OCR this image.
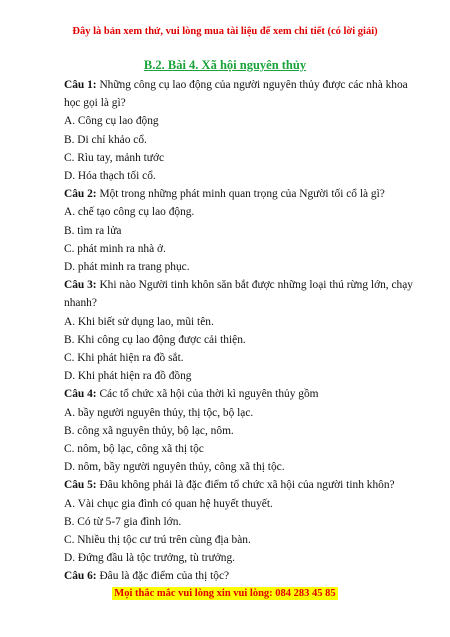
Đây là bản xem thử, vui lòng mua tài liệu để xem chi tiết (có lời giải)
B.2. Bài 4. Xã hội nguyên thủy

Câu 1: Những công cụ lao động của người nguyên thủy được các nhà khoa học gọi là gì?

A. Công cụ lao động

B. Di chỉ khảo cổ.

C. Rìu tay, mảnh tước

D. Hóa thạch tối cổ.

Câu 2: Một trong những phát minh quan trọng của Người tối cổ là gì?

A. chế tạo công cụ lao động.

B. tìm ra lửa

C. phát minh ra nhà ở.

D. phát minh ra trang phục.

Câu 3: Khi nào Người tinh khôn săn bắt được những loại thú rừng lớn, chạy nhanh?

A. Khi biết sử dụng lao, mũi tên.

B. Khi công cụ lao động được cải thiện.

C. Khi phát hiện ra đồ sắt.

D. Khi phát hiện ra đồ đồng

Câu 4: Các tổ chức xã hội của thời kì nguyên thủy gồm

A. bầy người nguyên thủy, thị tộc, bộ lạc.

B. công xã nguyên thủy, bộ lạc, nôm.

C. nôm, bộ lạc, công xã thị tộc

D. nôm, bầy người nguyên thủy, công xã thị tộc.

Câu 5: Đâu không phải là đặc điểm tổ chức xã hội của người tinh khôn?

A. Vài chục gia đình có quan hệ huyết thuyết.

B. Có từ 5-7 gia đình lớn.

C. Nhiều thị tộc cư trú trên cùng địa bàn.

D. Đứng đầu là tộc trưởng, tù trưởng.

Câu 6: Đâu là đặc điểm của thị tộc?

Mọi thắc mắc vui lòng xin vui lòng: 084 283 45 85
